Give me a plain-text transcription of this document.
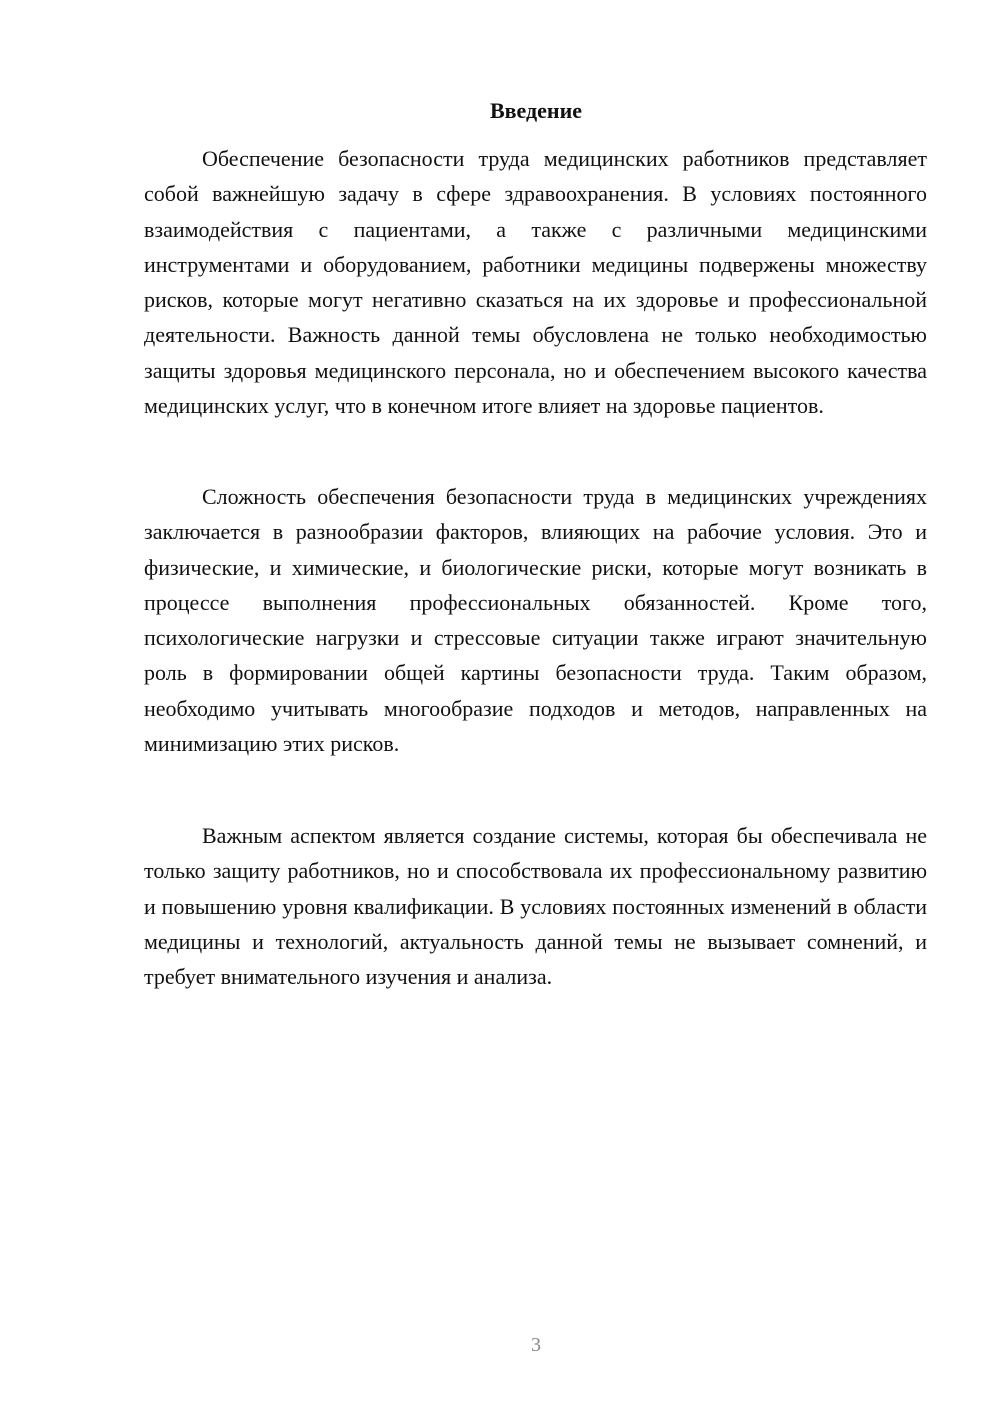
Введение

Обеспечение безопасности труда медицинских работников представляет собой важнейшую задачу в сфере здравоохранения. В условиях постоянного взаимодействия с пациентами, а также с различными медицинскими инструментами и оборудованием, работники медицины подвержены множеству рисков, которые могут негативно сказаться на их здоровье и профессиональной деятельности. Важность данной темы обусловлена не только необходимостью защиты здоровья медицинского персонала, но и обеспечением высокого качества медицинских услуг, что в конечном итоге влияет на здоровье пациентов.

Сложность обеспечения безопасности труда в медицинских учреждениях заключается в разнообразии факторов, влияющих на рабочие условия. Это и физические, и химические, и биологические риски, которые могут возникать в процессе выполнения профессиональных обязанностей. Кроме того, психологические нагрузки и стрессовые ситуации также играют значительную роль в формировании общей картины безопасности труда. Таким образом, необходимо учитывать многообразие подходов и методов, направленных на минимизацию этих рисков.

Важным аспектом является создание системы, которая бы обеспечивала не только защиту работников, но и способствовала их профессиональному развитию и повышению уровня квалификации. В условиях постоянных изменений в области медицины и технологий, актуальность данной темы не вызывает сомнений, и требует внимательного изучения и анализа.

3
